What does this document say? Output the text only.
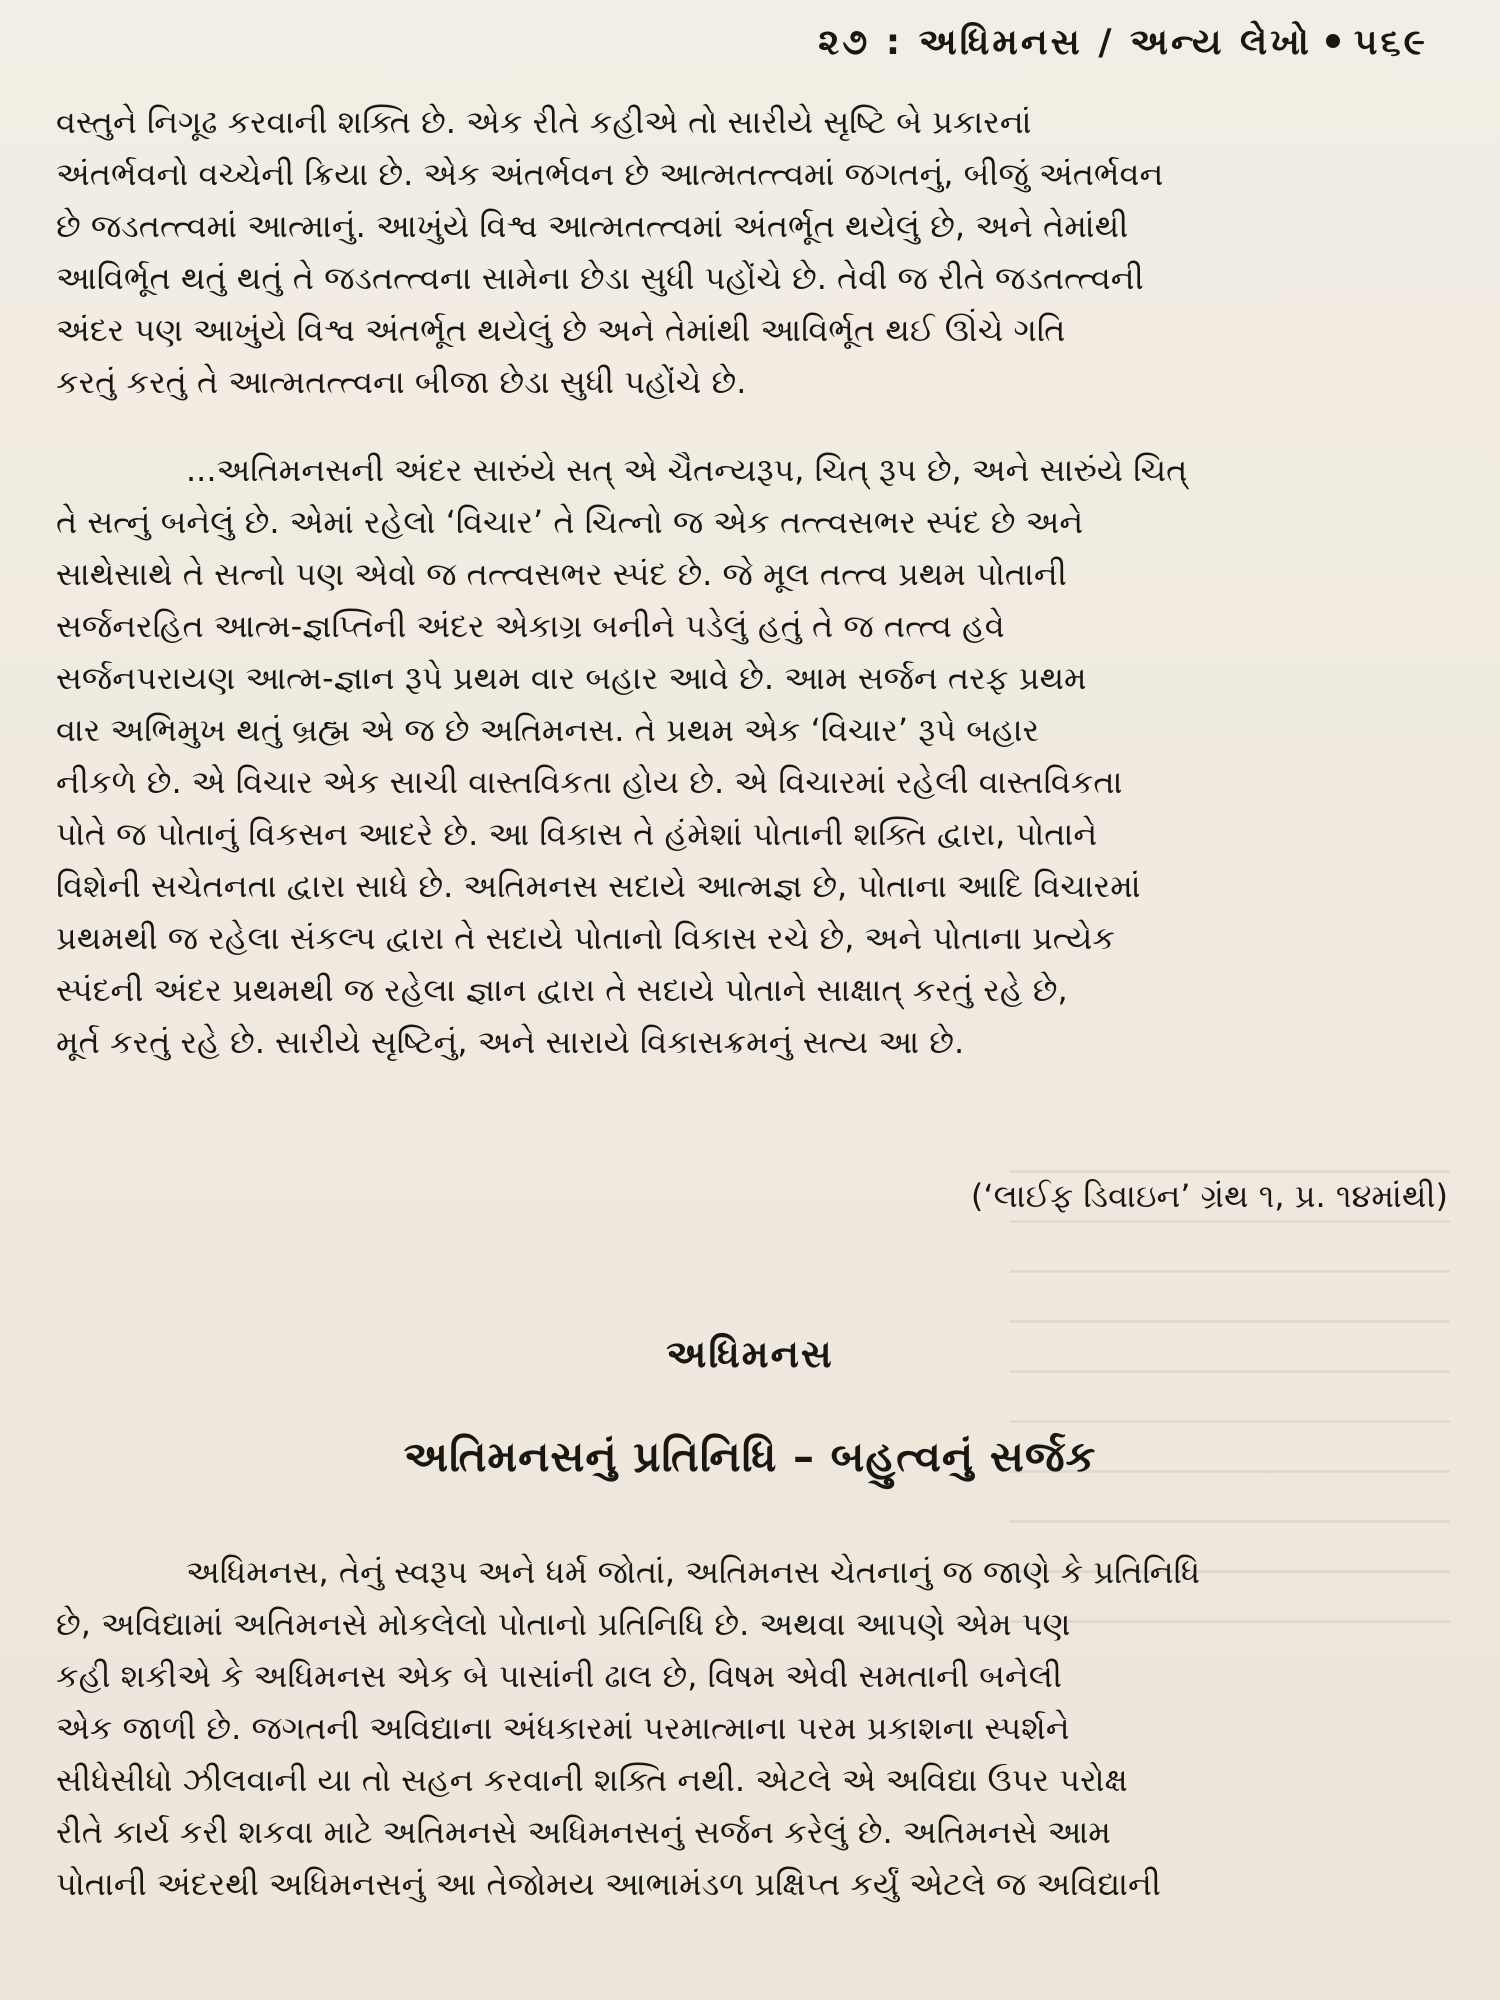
૨૭ : અધિમનસ / અન્ય લેખો ૫૬૯
વસ્તુને નિગૂઢ કરવાની શક્તિ છે. એક રીતે કહીએ તો સારીયે સૃષ્ટિ બે પ્રકારનાં
અંતર્ભવનો વચ્ચેની ક્રિયા છે. એક અંતર્ભવન છે આત્મતત્ત્વમાં જગતનું, બીજું અંતર્ભવન
છે જડતત્ત્વમાં આત્માનું. આખુંયે વિશ્વ આત્મતત્ત્વમાં અંતર્ભૂત થયેલું છે, અને તેમાંથી
આવિર્ભૂત થતું થતું તે જડતત્ત્વના સામેના છેડા સુધી પહોંચે છે. તેવી જ રીતે જડતત્ત્વની
અંદર પણ આખુંયે વિશ્વ અંતર્ભૂત થયેલું છે અને તેમાંથી આવિર્ભૂત થઈ ઊંચે ગતિ
કરતું કરતું તે આત્મતત્ત્વના બીજા છેડા સુધી પહોંચે છે.
...અતિમનસની અંદર સારુંયે સત્ એ ચૈતન્યરૂપ, ચિત્ રૂપ છે, અને સારુંયે ચિત્
તે સત્નું બનેલું છે. એમાં રહેલો ‘વિચાર’ તે ચિત્નો જ એક તત્ત્વસભર સ્પંદ છે અને
સાથેસાથે તે સત્નો પણ એવો જ તત્ત્વસભર સ્પંદ છે. જે મૂલ તત્ત્વ પ્રથમ પોતાની
સર્જનરહિત આત્મ-જ્ઞપ્તિની અંદર એકાગ્ર બનીને પડેલું હતું તે જ તત્ત્વ હવે
સર્જનપરાયણ આત્મ-જ્ઞાન રૂપે પ્રથમ વાર બહાર આવે છે. આમ સર્જન તરફ પ્રથમ
વાર અભિમુખ થતું બ્રહ્મ એ જ છે અતિમનસ. તે પ્રથમ એક ‘વિચાર’ રૂપે બહાર
નીકળે છે. એ વિચાર એક સાચી વાસ્તવિકતા હોય છે. એ વિચારમાં રહેલી વાસ્તવિકતા
પોતે જ પોતાનું વિકસન આદરે છે. આ વિકાસ તે હંમેશાં પોતાની શક્તિ દ્વારા, પોતાને
વિશેની સચેતનતા દ્વારા સાધે છે. અતિમનસ સદાયે આત્મજ્ઞ છે, પોતાના આદિ વિચારમાં
પ્રથમથી જ રહેલા સંકલ્પ દ્વારા તે સદાયે પોતાનો વિકાસ રચે છે, અને પોતાના પ્રત્યેક
સ્પંદની અંદર પ્રથમથી જ રહેલા જ્ઞાન દ્વારા તે સદાયે પોતાને સાક્ષાત્ કરતું રહે છે,
મૂર્ત કરતું રહે છે. સારીયે સૃષ્ટિનું, અને સારાયે વિકાસક્રમનું સત્ય આ છે.
(‘લાઈફ ડિવાઇન’ ગ્રંથ ૧, પ્ર. ૧૪માંથી)
અધિમનસ
અતિમનસનું પ્રતિનિધિ – બહુત્વનું સર્જક
અધિમનસ, તેનું સ્વરૂપ અને ધર્મ જોતાં, અતિમનસ ચેતનાનું જ જાણે કે પ્રતિનિધિ
છે, અવિદ્યામાં અતિમનસે મોકલેલો પોતાનો પ્રતિનિધિ છે. અથવા આપણે એમ પણ
કહી શકીએ કે અધિમનસ એક બે પાસાંની ઢાલ છે, વિષમ એવી સમતાની બનેલી
એક જાળી છે. જગતની અવિદ્યાના અંધકારમાં પરમાત્માના પરમ પ્રકાશના સ્પર્શને
સીધેસીધો ઝીલવાની યા તો સહન કરવાની શક્તિ નથી. એટલે એ અવિદ્યા ઉપર પરોક્ષ
રીતે કાર્ય કરી શકવા માટે અતિમનસે અધિમનસનું સર્જન કરેલું છે. અતિમનસે આમ
પોતાની અંદરથી અધિમનસનું આ તેજોમય આભામંડળ પ્રક્ષિપ્ત કર્યું એટલે જ અવિદ્યાની
